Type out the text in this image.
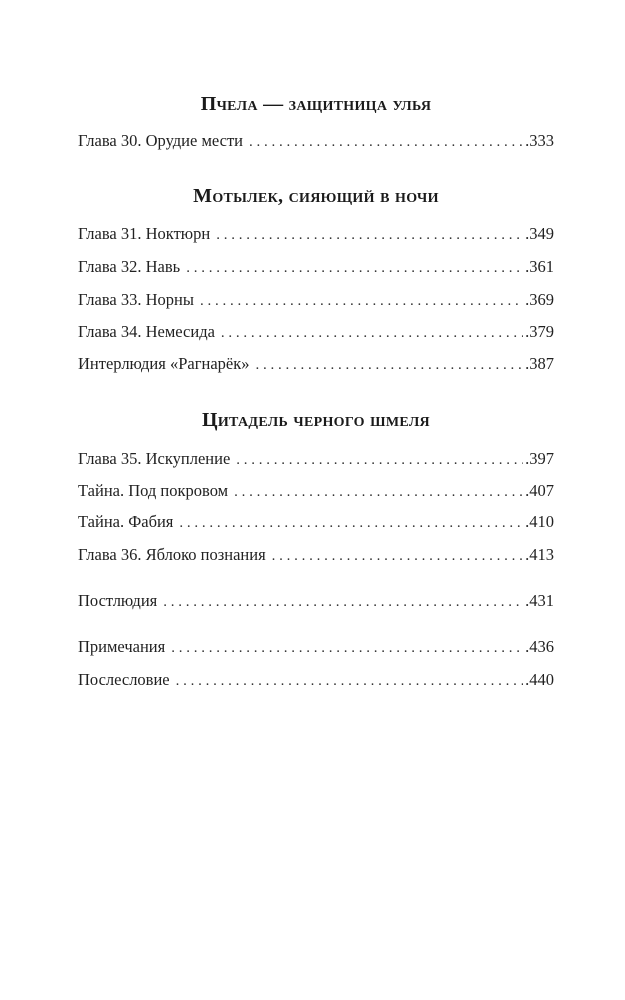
Пчела — защитница улья
Глава 30. Орудие мести . . .	.333
Мотылек, сияющий в ночи
Глава 31. Ноктюрн . . .	.349
Глава 32. Навь . . .	.361
Глава 33. Норны . . .	.369
Глава 34. Немесида . . .	.379
Интерлюдия «Рагнарёк» . . .	.387
Цитадель черного шмеля
Глава 35. Искупление . . .	.397
Тайна. Под покровом . . .	.407
Тайна. Фабия . . .	.410
Глава 36. Яблоко познания . . .	.413
Постлюдия . . .	.431
Примечания . . .	.436
Послесловие . . .	.440
